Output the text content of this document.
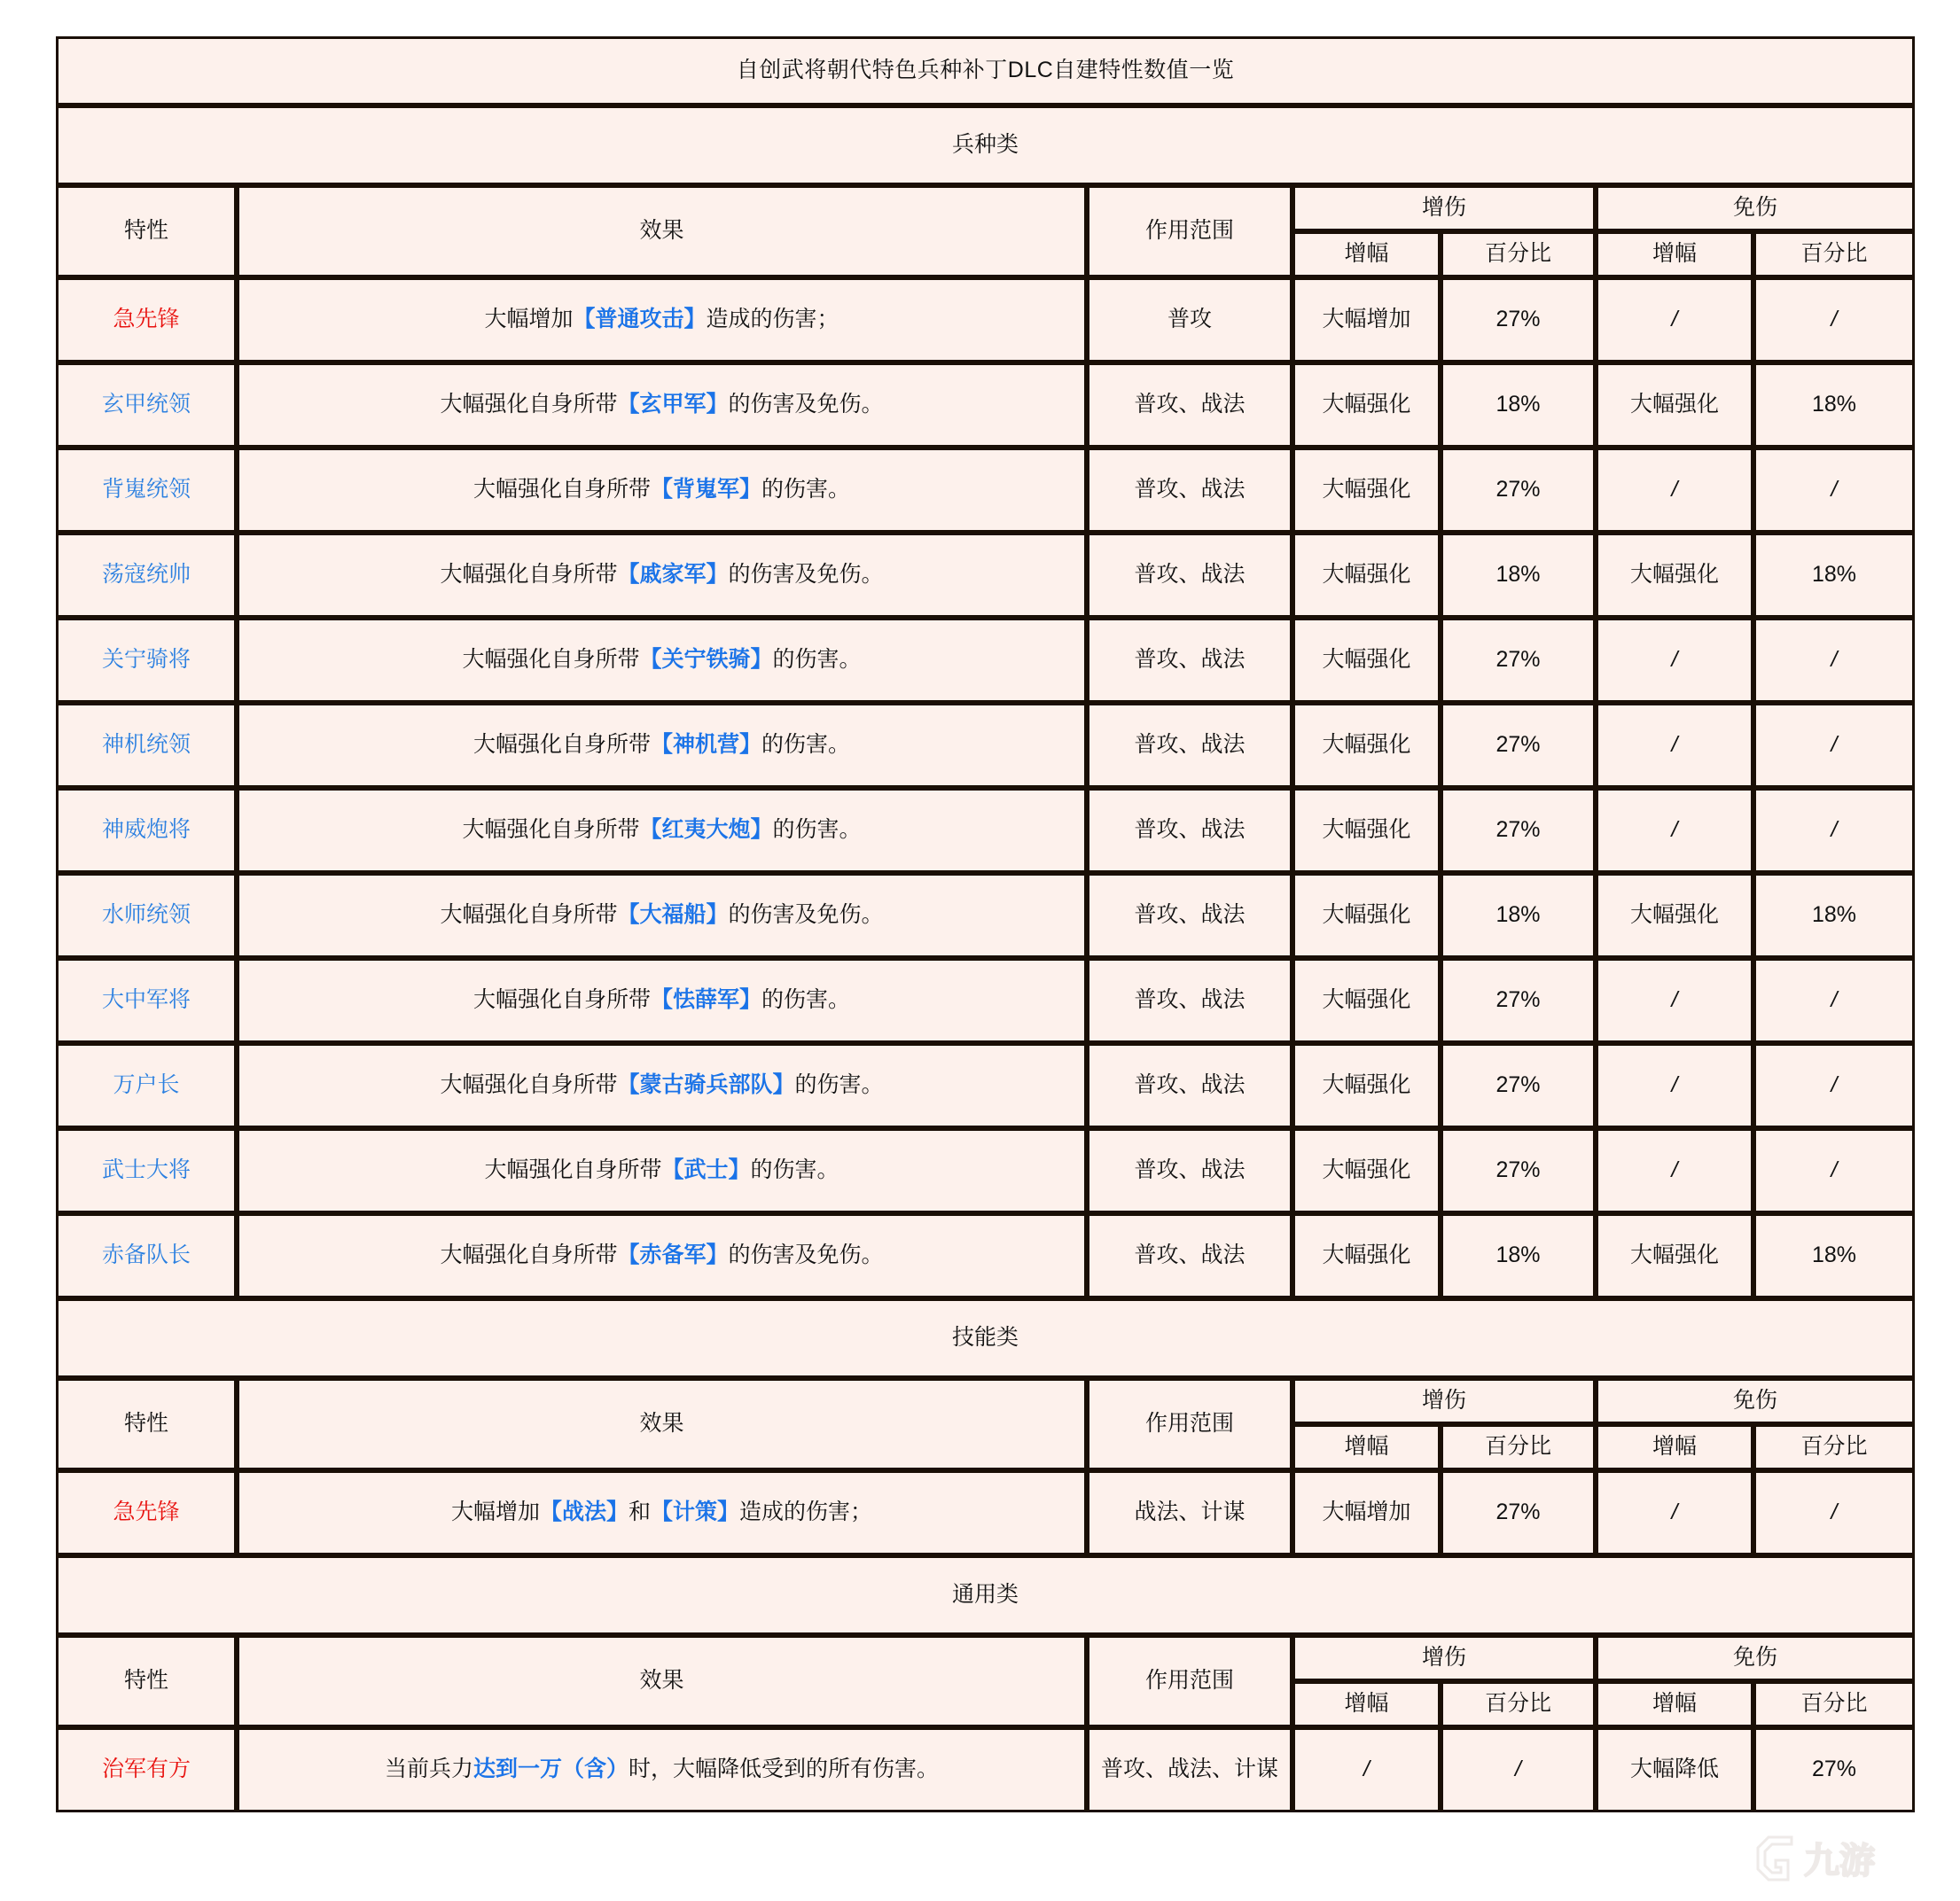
自创武将朝代特色兵种补丁DLC自建特性数值一览						
兵种类						
特性	效果	作用范围	增伤		免伤	
			增幅	百分比	增幅	百分比
急先锋	大幅增加【普通攻击】造成的伤害；	普攻	大幅增加	27%	/	/
玄甲统领	大幅强化自身所带【玄甲军】的伤害及免伤。	普攻、战法	大幅强化	18%	大幅强化	18%
背嵬统领	大幅强化自身所带【背嵬军】的伤害。	普攻、战法	大幅强化	27%	/	/
荡寇统帅	大幅强化自身所带【戚家军】的伤害及免伤。	普攻、战法	大幅强化	18%	大幅强化	18%
关宁骑将	大幅强化自身所带【关宁铁骑】的伤害。	普攻、战法	大幅强化	27%	/	/
神机统领	大幅强化自身所带【神机营】的伤害。	普攻、战法	大幅强化	27%	/	/
神威炮将	大幅强化自身所带【红夷大炮】的伤害。	普攻、战法	大幅强化	27%	/	/
水师统领	大幅强化自身所带【大福船】的伤害及免伤。	普攻、战法	大幅强化	18%	大幅强化	18%
大中军将	大幅强化自身所带【怯薛军】的伤害。	普攻、战法	大幅强化	27%	/	/
万户长	大幅强化自身所带【蒙古骑兵部队】的伤害。	普攻、战法	大幅强化	27%	/	/
武士大将	大幅强化自身所带【武士】的伤害。	普攻、战法	大幅强化	27%	/	/
赤备队长	大幅强化自身所带【赤备军】的伤害及免伤。	普攻、战法	大幅强化	18%	大幅强化	18%
技能类						
特性	效果	作用范围	增伤		免伤	
			增幅	百分比	增幅	百分比
急先锋	大幅增加【战法】和【计策】造成的伤害；	战法、计谋	大幅增加	27%	/	/
通用类						
特性	效果	作用范围	增伤		免伤	
			增幅	百分比	增幅	百分比
治军有方	当前兵力达到一万（含）时，大幅降低受到的所有伤害。	普攻、战法、计谋	/	/	大幅降低	27%
九游
